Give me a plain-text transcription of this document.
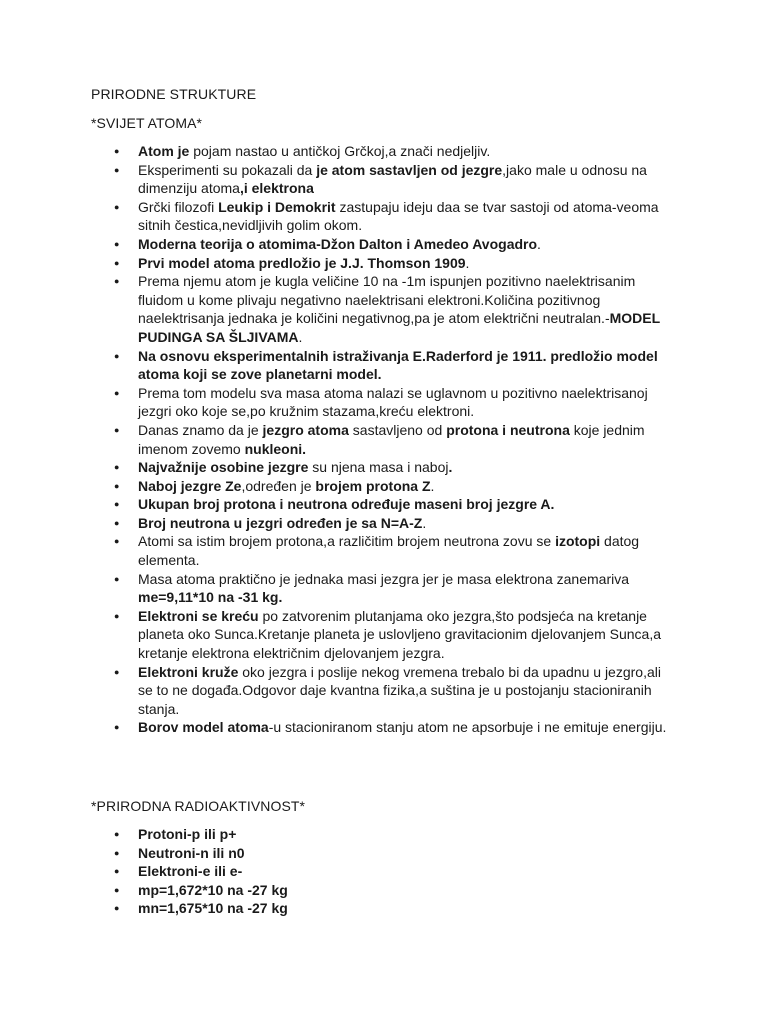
PRIRODNE STRUKTURE
*SVIJET ATOMA*
● Atom je pojam nastao u antičkoj Grčkoj,a znači nedjeljiv.
● Eksperimenti su pokazali da je atom sastavljen od jezgre,jako male u odnosu na dimenziju atoma,i elektrona
● Grčki filozofi Leukip i Demokrit zastupaju ideju daa se tvar sastoji od atoma-veoma sitnih čestica,nevidljivih golim okom.
● Moderna teorija o atomima-Džon Dalton i Amedeo Avogadro.
● Prvi model atoma predložio je J.J. Thomson 1909.
● Prema njemu atom je kugla veličine 10 na -1m ispunjen pozitivno naelektrisanim fluidom u kome plivaju negativno naelektrisani elektroni.Količina pozitivnog naelektrisanja jednaka je količini negativnog,pa je atom električni neutralan.-MODEL PUDINGA SA ŠLJIVAMA.
● Na osnovu eksperimentalnih istraživanja E.Raderford je 1911. predložio model atoma koji se zove planetarni model.
● Prema tom modelu sva masa atoma nalazi se uglavnom u pozitivno naelektrisanoj jezgri oko koje se,po kružnim stazama,kreću elektroni.
● Danas znamo da je jezgro atoma sastavljeno od protona i neutrona koje jednim imenom zovemo nukleoni.
● Najvažnije osobine jezgre su njena masa i naboj.
● Naboj jezgre Ze,određen je brojem protona Z.
● Ukupan broj protona i neutrona određuje maseni broj jezgre A.
● Broj neutrona u jezgri određen je sa N=A-Z.
● Atomi sa istim brojem protona,a različitim brojem neutrona zovu se izotopi datog elementa.
● Masa atoma praktično je jednaka masi jezgra jer je masa elektrona zanemariva me=9,11*10 na -31 kg.
● Elektroni se kreću po zatvorenim plutanjama oko jezgra,što podsjeća na kretanje planeta oko Sunca.Kretanje planeta je uslovljeno gravitacionim djelovanjem Sunca,a kretanje elektrona električnim djelovanjem jezgra.
● Elektroni kruže oko jezgra i poslije nekog vremena trebalo bi da upadnu u jezgro,ali se to ne događa.Odgovor daje kvantna fizika,a suština je u postojanju stacioniranih stanja.
● Borov model atoma-u stacioniranom stanju atom ne apsorbuje i ne emituje energiju.
*PRIRODNA RADIOAKTIVNOST*
● Protoni-p ili p+
● Neutroni-n ili n0
● Elektroni-e ili e-
● mp=1,672*10 na -27 kg
● mn=1,675*10 na -27 kg
